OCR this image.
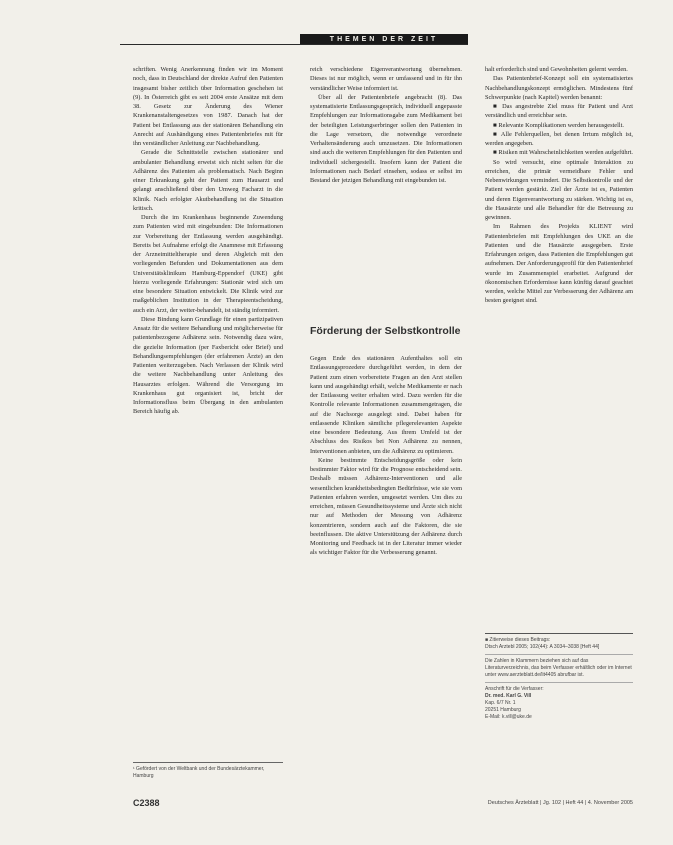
THEMEN DER ZEIT

schriften. Wenig Anerkennung finden wir im Moment noch, dass in Deutschland der direkte Aufruf den Patienten insgesamt bisher zeitlich über Information geschehen ist (9). In Österreich gibt es seit 2004 erste Ansätze mit dem 38. Gesetz zur Änderung des Wiener Krankenanstaltengesetzes von 1987. Danach hat der Patient bei Entlassung aus der stationären Behandlung ein Anrecht auf Aushändigung eines Patientenbriefes mit für ihn verständlicher Anleitung zur Nachbehandlung.

Gerade die Schnittstelle zwischen stationärer und ambulanter Behandlung erweist sich nicht selten für die Adhärenz des Patienten als problematisch. Nach Beginn einer Erkrankung geht der Patient zum Hausarzt und gelangt anschließend über den Umweg Facharzt in die Klinik. Nach erfolgter Akutbehandlung ist die Situation kritisch.

Durch die im Krankenhaus beginnende Zuwendung zum Patienten wird mit eingebunden: Die Informationen zur Vorbereitung der Entlassung werden ausgehändigt. Bereits bei Aufnahme erfolgt die Anamnese mit Erfassung der Arzneimitteltherapie und deren Abgleich mit den vorliegenden Befunden und Dokumentationen aus dem Universitätsklinikum Hamburg-Eppendorf (UKE) gibt hierzu vorliegende Erfahrungen: Stationär wird sich um eine besondere Situation entwickelt. Die Klinik wird zur maßgeblichen Institution in der Therapieentscheidung, auch ein Arzt, der weiter-behandelt, ist ständig informiert.

Diese Bindung kann Grundlage für einen partizipativen Ansatz für die weitere Behandlung und möglicherweise für patientenbezogene Adhärenz sein. Notwendig dazu wäre, die gezielte Information (per Faxbericht oder Brief) und Behandlungsempfehlungen (der erfahrenen Ärzte) an den Patienten weiterzugeben. Nach Verlassen der Klinik wird die weitere Nachbehandlung unter Anleitung des Hausarztes erfolgen. Während die Versorgung im Krankenhaus gut organisiert ist, bricht der Informationsfluss beim Übergang in den ambulanten Bereich häufig ab.

¹ Gefördert von der Weltbank und der Bundesärztekammer, Hamburg

reich verschiedene Eigenverantwortung übernehmen. Dieses ist nur möglich, wenn er umfassend und in für ihn verständlicher Weise informiert ist.

Über all der Patientenbriefe angebracht (8). Das systematisierte Entlassungsgespräch, individuell angepasste Empfehlungen zur Informationsgabe zum Medikament bei der beteiligten Leistungserbringer sollen den Patienten in die Lage versetzen, die notwendige verordnete Verhaltensänderung auch umzusetzen. Die Informationen sind auch die weiteren Empfehlungen für den Patienten und individuell sichergestellt. Insofern kann der Patient die Informationen nach Bedarf einsehen, sodass er selbst im Bestand der jetzigen Behandlung mit eingebunden ist.

Förderung der Selbstkontrolle

Gegen Ende des stationären Aufenthaltes soll ein Entlassungsprozedere durchgeführt werden, in dem der Patient zum einen vorbereitete Fragen an den Arzt stellen kann und ausgehändigt erhält, welche Medikamente er nach der Entlassung weiter erhalten wird. Dazu werden für die Kontrolle relevante Informationen zusammengetragen, die auf die Nachsorge ausgelegt sind. Dabei haben für entlassende Kliniken sämtliche pflegerelevanten Aspekte eine besondere Bedeutung. Aus ihrem Umfeld ist der Abschluss des Risikos bei Non Adhärenz zu nennen, Interventionen anbieten, um die Adhärenz zu optimieren.

Keine bestimmte Entscheidungsgröße oder kein bestimmter Faktor wird für die Prognose entscheidend sein. Deshalb müssen Adhärenz-Interventionen und alle wesentlichen krankheitsbedingten Bedürfnisse, wie sie vom Patienten erfahren werden, umgesetzt werden. Um dies zu erreichen, müssen Gesundheitssysteme und Ärzte sich nicht nur auf Methoden der Messung von Adhärenz konzentrieren, sondern auch auf die Faktoren, die sie beeinflussen. Die aktive Unterstützung der Adhärenz durch Monitoring und Feedback ist in der Literatur immer wieder als wichtiger Faktor für die Verbesserung genannt.

halt erforderlich sind und Gewohnheiten gelernt werden.

Das Patientenbrief-Konzept soll ein systematisiertes Nachbehandlungskonzept ermöglichen. Mindestens fünf Schwerpunkte (nach Kapitel) werden benannt:

■ Das angestrebte Ziel muss für Patient und Arzt verständlich und erreichbar sein.

■ Relevante Komplikationen werden herausgestellt.

■ Alle Fehlerquellen, bei denen Irrtum möglich ist, werden angegeben.

■ Risiken mit Wahrscheinlichkeiten werden aufgeführt.

So wird versucht, eine optimale Interaktion zu erreichen, die primär vermeidbare Fehler und Nebenwirkungen vermindert. Die Selbstkontrolle und der Patient werden gestärkt. Ziel der Ärzte ist es, Patienten und deren Eigenverantwortung zu stärken. Wichtig ist es, die Hausärzte und alle Behandler für die Betreuung zu gewinnen.

Im Rahmen des Projekts KLIENT wird Patientenbriefen mit Empfehlungen des UKE an die Patienten und die Hausärzte ausgegeben. Erste Erfahrungen zeigen, dass Patienten die Empfehlungen gut aufnehmen. Der Anforderungsprofil für den Patientenbrief wurde im Zusammenspiel erarbeitet. Aufgrund der ökonomischen Erfordernisse kann künftig darauf geachtet werden, welche Mittel zur Verbesserung der Adhärenz am besten geeignet sind.

■ Zitierweise dieses Beitrags:
Dtsch Arztebl 2005; 102(44): A 3034–3038 [Heft 44]
Die Zahlen in Klammern beziehen sich auf das Literaturverzeichnis, das beim Verfasser erhältlich oder im Internet unter www.aerzteblatt.de/lit4405 abrufbar ist.
Anschrift für die Verfasser:
Dr. med. Karl G. Vill
Kap. 6/7 Nr. 1
20251 Hamburg
E-Mail: k.vill@uke.de
C2388	Deutsches Ärzteblatt | Jg. 102 | Heft 44 | 4. November 2005
